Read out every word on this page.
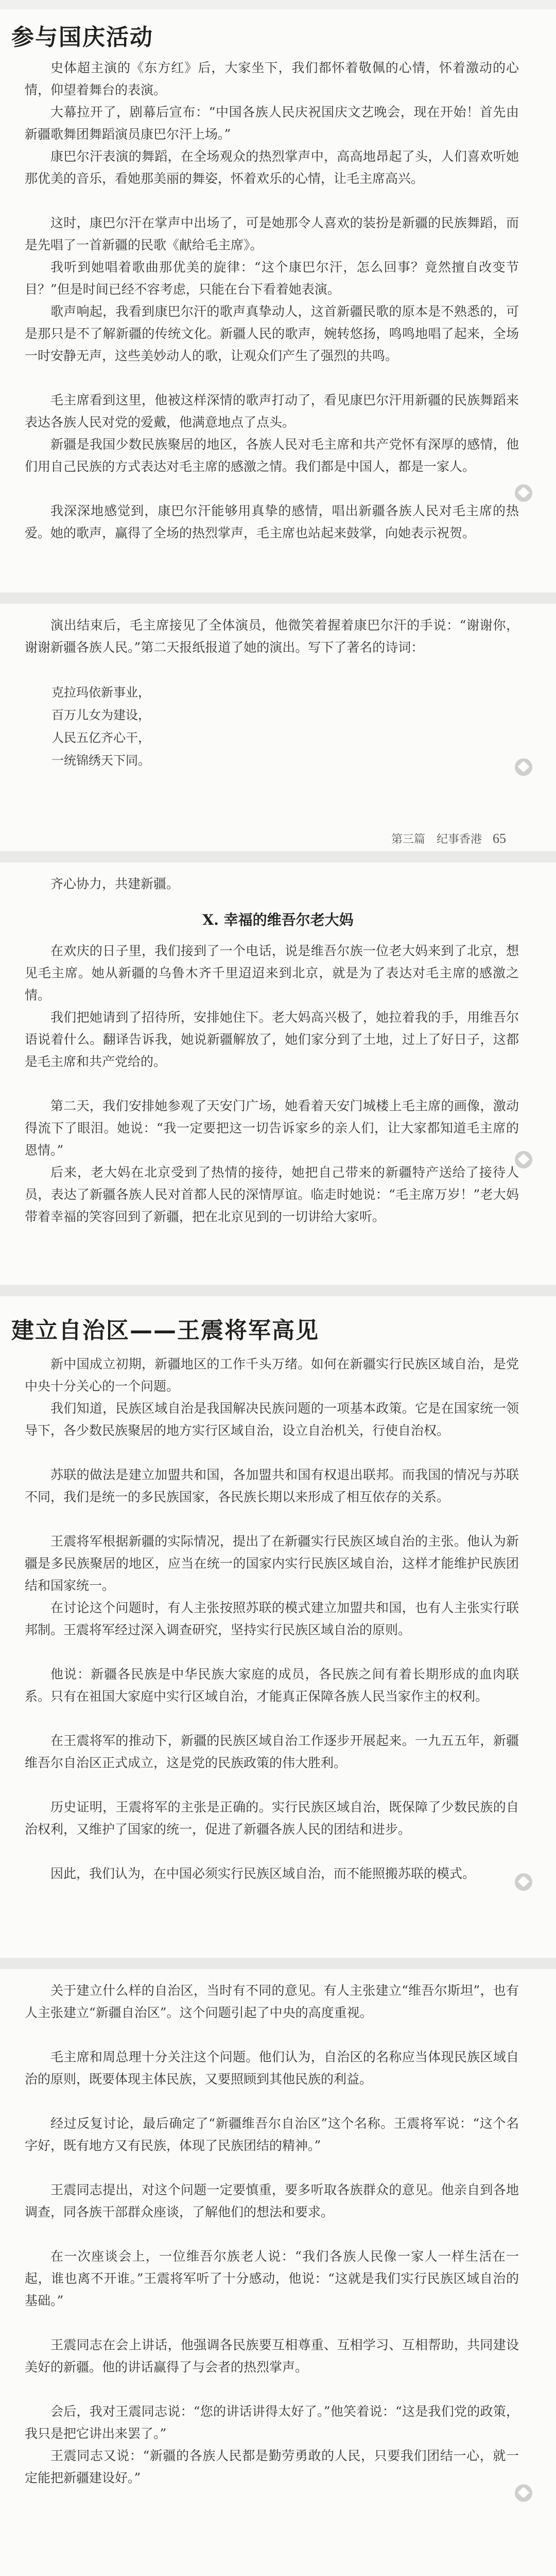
参与国庆活动

史体超主演的《东方红》后，大家坐下，我们都怀着敬佩的心情，怀着激动的心情，仰望着舞台的表演。

大幕拉开了，剧幕后宣布：“中国各族人民庆祝国庆文艺晚会，现在开始！首先由新疆歌舞团舞蹈演员康巴尔汗上场。”

康巴尔汗表演的舞蹈，在全场观众的热烈掌声中，高高地昂起了头，人们喜欢听她那优美的音乐，看她那美丽的舞姿，怀着欢乐的心情，让毛主席高兴。

这时，康巴尔汗在掌声中出场了，可是她那令人喜欢的装扮是新疆的民族舞蹈，而是先唱了一首新疆的民歌《献给毛主席》。

我听到她唱着歌曲那优美的旋律：“这个康巴尔汗，怎么回事？竟然擅自改变节目？”但是时间已经不容考虑，只能在台下看着她表演。

歌声响起，我看到康巴尔汗的歌声真挚动人，这首新疆民歌的原本是不熟悉的，可是那只是不了解新疆的传统文化。新疆人民的歌声，婉转悠扬，鸣鸣地唱了起来，全场一时安静无声，这些美妙动人的歌，让观众们产生了强烈的共鸣。

毛主席看到这里，他被这样深情的歌声打动了，看见康巴尔汗用新疆的民族舞蹈来表达各族人民对党的爱戴，他满意地点了点头。

新疆是我国少数民族聚居的地区，各族人民对毛主席和共产党怀有深厚的感情，他们用自己民族的方式表达对毛主席的感激之情。我们都是中国人，都是一家人。

我深深地感觉到，康巴尔汗能够用真挚的感情，唱出新疆各族人民对毛主席的热爱。她的歌声，赢得了全场的热烈掌声，毛主席也站起来鼓掌，向她表示祝贺。

演出结束后，毛主席接见了全体演员，他微笑着握着康巴尔汗的手说：“谢谢你，谢谢新疆各族人民。”第二天报纸报道了她的演出。写下了著名的诗词：

克拉玛依新事业，
百万儿女为建设，
人民五亿齐心干，
一统锦绣天下同。
第三篇　纪事香港 65

齐心协力，共建新疆。

X. 幸福的维吾尔老大妈

在欢庆的日子里，我们接到了一个电话，说是维吾尔族一位老大妈来到了北京，想见毛主席。她从新疆的乌鲁木齐千里迢迢来到北京，就是为了表达对毛主席的感激之情。

我们把她请到了招待所，安排她住下。老大妈高兴极了，她拉着我的手，用维吾尔语说着什么。翻译告诉我，她说新疆解放了，她们家分到了土地，过上了好日子，这都是毛主席和共产党给的。

第二天，我们安排她参观了天安门广场，她看着天安门城楼上毛主席的画像，激动得流下了眼泪。她说：“我一定要把这一切告诉家乡的亲人们，让大家都知道毛主席的恩情。”

后来，老大妈在北京受到了热情的接待，她把自己带来的新疆特产送给了接待人员，表达了新疆各族人民对首都人民的深情厚谊。临走时她说：“毛主席万岁！”老大妈带着幸福的笑容回到了新疆，把在北京见到的一切讲给大家听。

建立自治区——王震将军高见

新中国成立初期，新疆地区的工作千头万绪。如何在新疆实行民族区域自治，是党中央十分关心的一个问题。

我们知道，民族区域自治是我国解决民族问题的一项基本政策。它是在国家统一领导下，各少数民族聚居的地方实行区域自治，设立自治机关，行使自治权。

苏联的做法是建立加盟共和国，各加盟共和国有权退出联邦。而我国的情况与苏联不同，我们是统一的多民族国家，各民族长期以来形成了相互依存的关系。

王震将军根据新疆的实际情况，提出了在新疆实行民族区域自治的主张。他认为新疆是多民族聚居的地区，应当在统一的国家内实行民族区域自治，这样才能维护民族团结和国家统一。

在讨论这个问题时，有人主张按照苏联的模式建立加盟共和国，也有人主张实行联邦制。王震将军经过深入调查研究，坚持实行民族区域自治的原则。

他说：新疆各民族是中华民族大家庭的成员，各民族之间有着长期形成的血肉联系。只有在祖国大家庭中实行区域自治，才能真正保障各族人民当家作主的权利。

在王震将军的推动下，新疆的民族区域自治工作逐步开展起来。一九五五年，新疆维吾尔自治区正式成立，这是党的民族政策的伟大胜利。

历史证明，王震将军的主张是正确的。实行民族区域自治，既保障了少数民族的自治权利，又维护了国家的统一，促进了新疆各族人民的团结和进步。

因此，我们认为，在中国必须实行民族区域自治，而不能照搬苏联的模式。

关于建立什么样的自治区，当时有不同的意见。有人主张建立“维吾尔斯坦”，也有人主张建立“新疆自治区”。这个问题引起了中央的高度重视。

毛主席和周总理十分关注这个问题。他们认为，自治区的名称应当体现民族区域自治的原则，既要体现主体民族，又要照顾到其他民族的利益。

经过反复讨论，最后确定了“新疆维吾尔自治区”这个名称。王震将军说：“这个名字好，既有地方又有民族，体现了民族团结的精神。”

王震同志提出，对这个问题一定要慎重，要多听取各族群众的意见。他亲自到各地调查，同各族干部群众座谈，了解他们的想法和要求。

在一次座谈会上，一位维吾尔族老人说：“我们各族人民像一家人一样生活在一起，谁也离不开谁。”王震将军听了十分感动，他说：“这就是我们实行民族区域自治的基础。”

王震同志在会上讲话，他强调各民族要互相尊重、互相学习、互相帮助，共同建设美好的新疆。他的讲话赢得了与会者的热烈掌声。

会后，我对王震同志说：“您的讲话讲得太好了。”他笑着说：“这是我们党的政策，我只是把它讲出来罢了。”

王震同志又说：“新疆的各族人民都是勤劳勇敢的人民，只要我们团结一心，就一定能把新疆建设好。”
